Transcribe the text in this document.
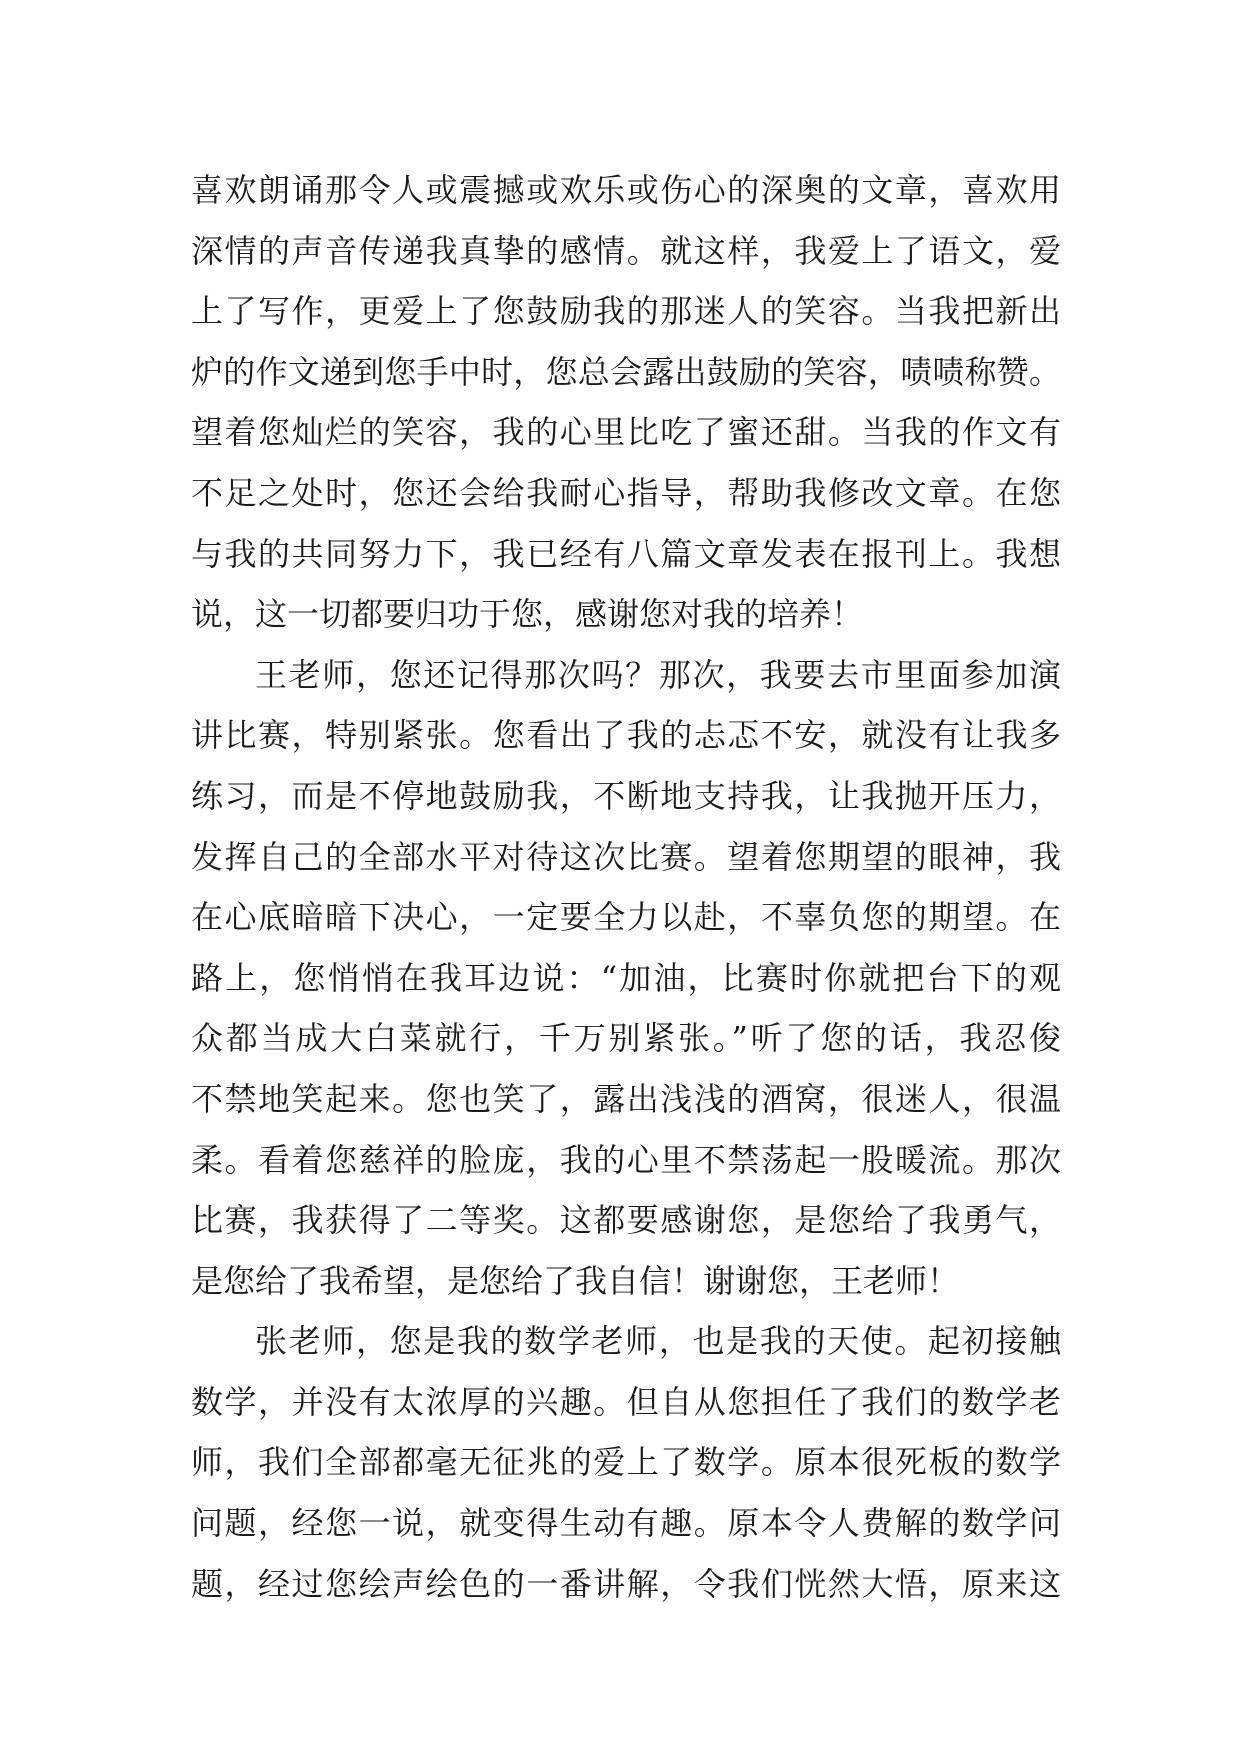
喜欢朗诵那令人或震撼或欢乐或伤心的深奥的文章，喜欢用
深情的声音传递我真挚的感情。就这样，我爱上了语文，爱
上了写作，更爱上了您鼓励我的那迷人的笑容。当我把新出
炉的作文递到您手中时，您总会露出鼓励的笑容，啧啧称赞。
望着您灿烂的笑容，我的心里比吃了蜜还甜。当我的作文有
不足之处时，您还会给我耐心指导，帮助我修改文章。在您
与我的共同努力下，我已经有八篇文章发表在报刊上。我想
说，这一切都要归功于您，感谢您对我的培养！
王老师，您还记得那次吗？那次，我要去市里面参加演
讲比赛，特别紧张。您看出了我的忐忑不安，就没有让我多
练习，而是不停地鼓励我，不断地支持我，让我抛开压力，
发挥自己的全部水平对待这次比赛。望着您期望的眼神，我
在心底暗暗下决心，一定要全力以赴，不辜负您的期望。在
路上，您悄悄在我耳边说：“加油，比赛时你就把台下的观
众都当成大白菜就行，千万别紧张。”听了您的话，我忍俊
不禁地笑起来。您也笑了，露出浅浅的酒窝，很迷人，很温
柔。看着您慈祥的脸庞，我的心里不禁荡起一股暖流。那次
比赛，我获得了二等奖。这都要感谢您，是您给了我勇气，
是您给了我希望，是您给了我自信！谢谢您，王老师！
张老师，您是我的数学老师，也是我的天使。起初接触
数学，并没有太浓厚的兴趣。但自从您担任了我们的数学老
师，我们全部都毫无征兆的爱上了数学。原本很死板的数学
问题，经您一说，就变得生动有趣。原本令人费解的数学问
题，经过您绘声绘色的一番讲解，令我们恍然大悟，原来这
